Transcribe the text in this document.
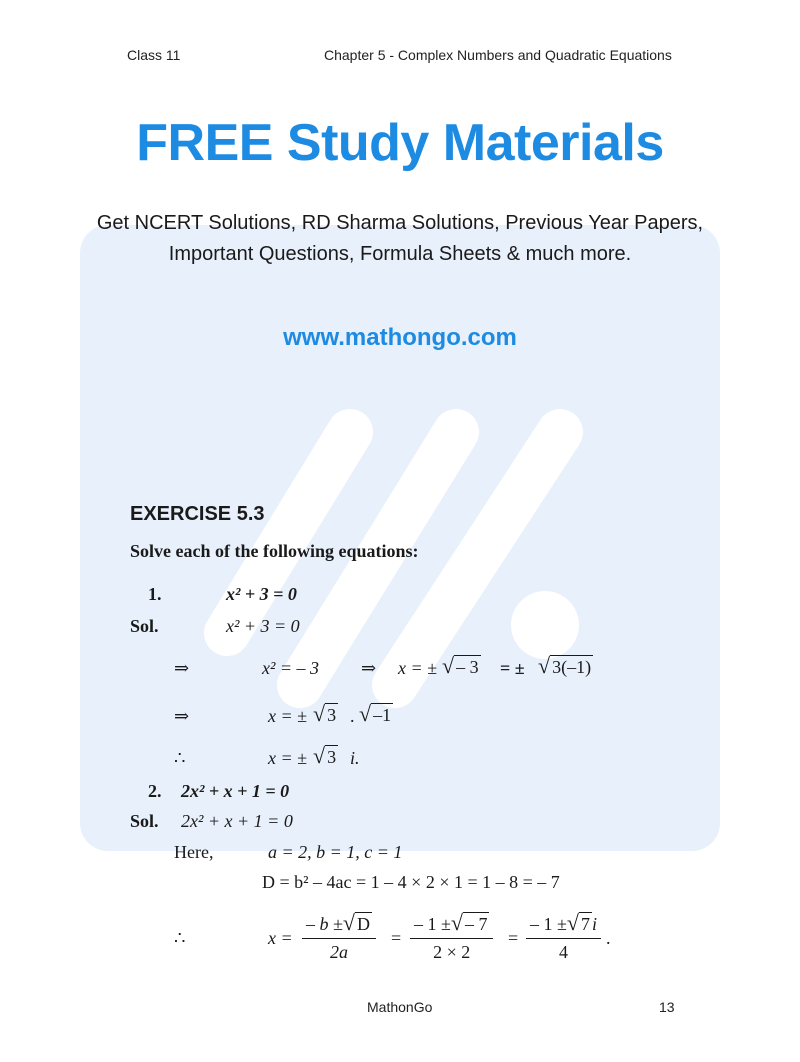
Class 11	Chapter 5 - Complex Numbers and Quadratic Equations
FREE Study Materials
Get NCERT Solutions, RD Sharma Solutions, Previous Year Papers,
Important Questions, Formula Sheets & much more.
www.mathongo.com
EXERCISE 5.3
Solve each of the following equations:
1.	x² + 3 = 0
Sol.	x² + 3 = 0
⇒	x² = – 3 ⇒ x = ± √ – 3 = ± √ 3(–1)
⇒	x = ± √ 3 . √ –1
∴	x = ± √ 3 i.
2. 2x² + x + 1 = 0
Sol. 2x² + x + 1 = 0
Here,	a = 2, b = 1, c = 1
D = b² – 4ac = 1 – 4 × 2 × 1 = 1 – 8 = – 7
∴	$x = \frac{- b \pm√ D}{2a} = \frac{- 1 \pm√ - 7}{2 \times 2} = \frac{- 1 \pm√ 7 i}{4}$ .
MathonGo	13
